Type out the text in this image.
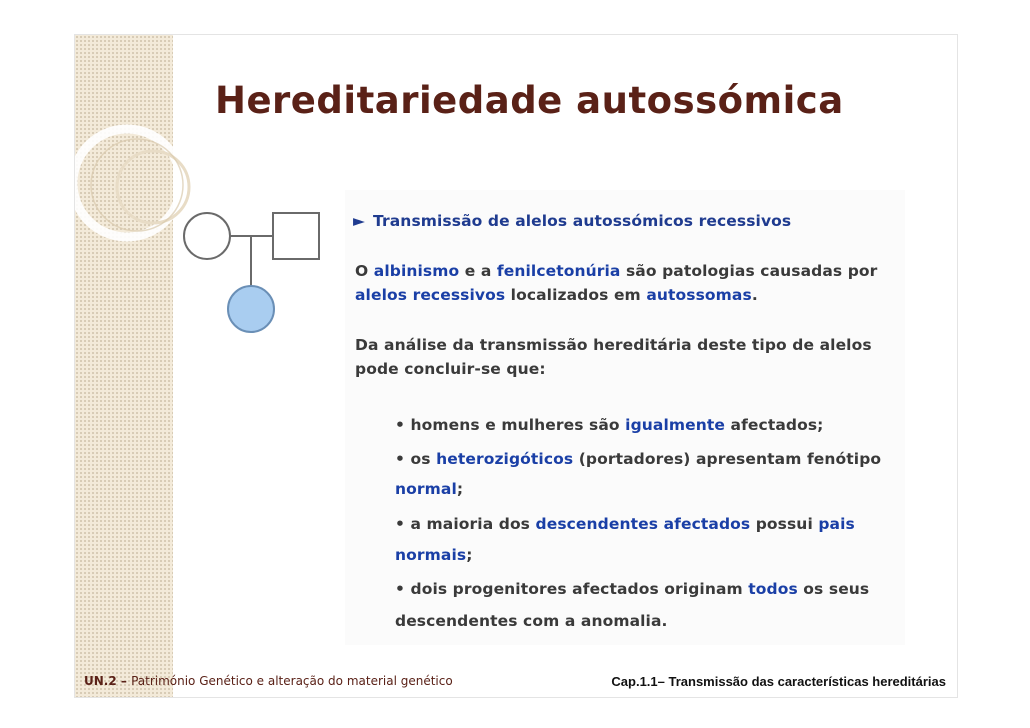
Hereditariedade autossómica
► Transmissão de alelos autossómicos recessivos
O albinismo e a fenilcetonúria são patologias causadas por
alelos recessivos localizados em autossomas.
Da análise da transmissão hereditária deste tipo de alelos
pode concluir-se que:
• homens e mulheres são igualmente afectados;
• os heterozigóticos (portadores) apresentam fenótipo
normal;
• a maioria dos descendentes afectados possui pais
normais;
• dois progenitores afectados originam todos os seus
descendentes com a anomalia.
UN.2 – Património Genético e alteração do material genético	Cap.1.1– Transmissão das características hereditárias
